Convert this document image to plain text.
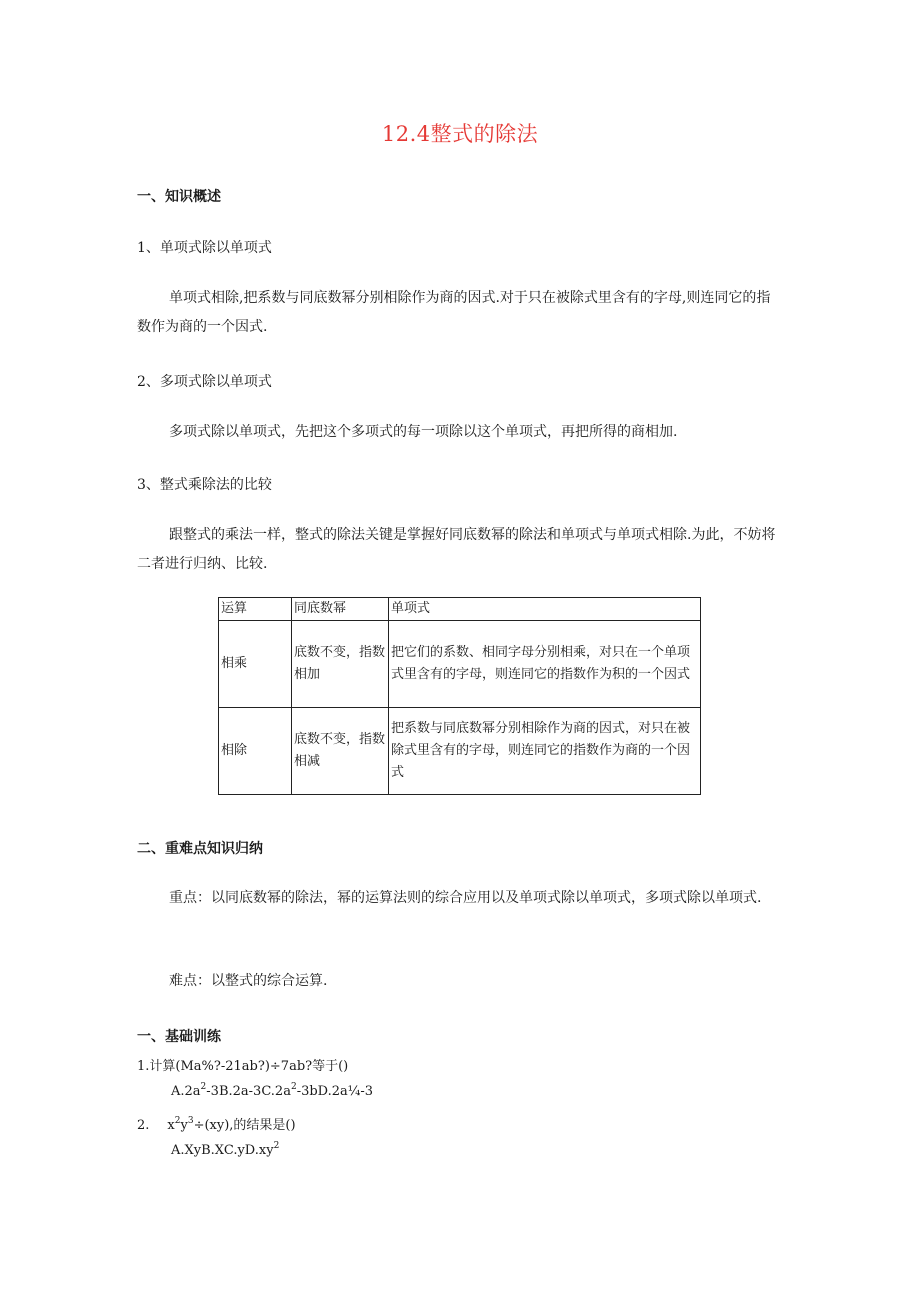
12.4整式的除法
一、知识概述
1、单项式除以单项式

单项式相除,把系数与同底数幂分别相除作为商的因式.对于只在被除式里含有的字母,则连同它的指数作为商的一个因式.

2、多项式除以单项式

多项式除以单项式，先把这个多项式的每一项除以这个单项式，再把所得的商相加.

3、整式乘除法的比较

跟整式的乘法一样，整式的除法关键是掌握好同底数幂的除法和单项式与单项式相除.为此，不妨将二者进行归纳、比较.

运算	同底数幂	单项式
相乘	底数不变，指数相加	把它们的系数、相同字母分别相乘，对只在一个单项式里含有的字母，则连同它的指数作为积的一个因式
相除	底数不变，指数相减	把系数与同底数幂分别相除作为商的因式，对只在被除式里含有的字母，则连同它的指数作为商的一个因式
二、重难点知识归纳

重点：以同底数幂的除法，幂的运算法则的综合应用以及单项式除以单项式，多项式除以单项式.

难点：以整式的综合运算.

一、基础训练
1.计算(Ma%?-21ab?)÷7ab?等于()
$A.2a^2-3B.2a-3C.2a^2-3bD.2a\frac{1}{4}-3$
2. $x^2y^3\div(xy)$,的结果是()
$A.XyB.XC.yD.xy^2$
